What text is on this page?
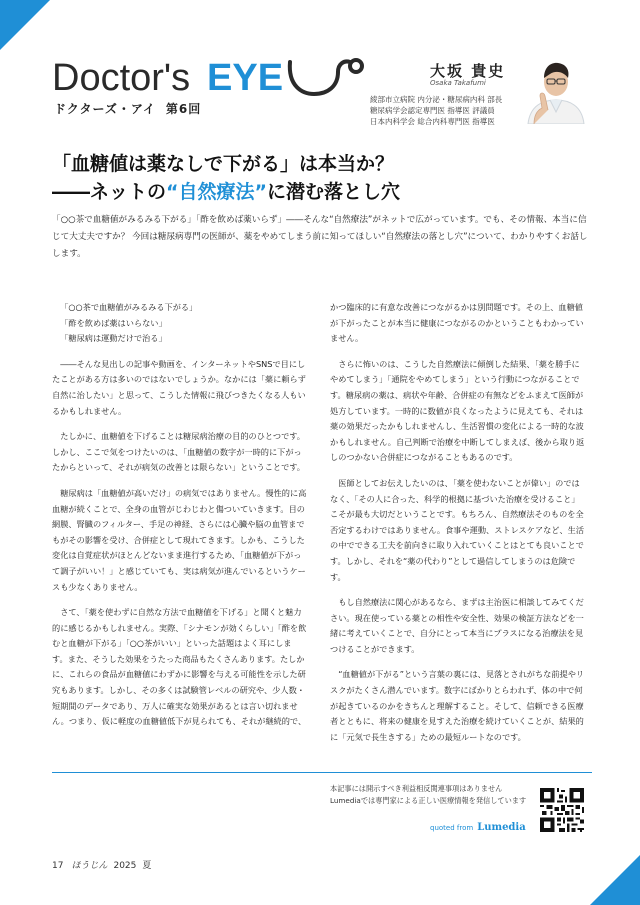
Doctor's EYE
ドクターズ・アイ 第6回
大坂 貴史
Osaka Takafumi
綾部市立病院 内分泌・糖尿病内科 部長
糖尿病学会認定専門医 指導医 評議員
日本内科学会 総合内科専門医 指導医
「血糖値は薬なしで下がる」は本当か？
――ネットの“自然療法”に潜む落とし穴
「○○茶で血糖値がみるみる下がる」「酢を飲めば薬いらず」――そんな“自然療法”がネットで広がっています。でも、その情報、本当に信じて大丈夫ですか？ 今回は糖尿病専門の医師が、薬をやめてしまう前に知ってほしい“自然療法の落とし穴”について、わかりやすくお話しします。

「○○茶で血糖値がみるみる下がる」
「酢を飲めば薬はいらない」
「糖尿病は運動だけで治る」

――そんな見出しの記事や動画を、インターネットやSNSで目にしたことがある方は多いのではないでしょうか。なかには「薬に頼らず自然に治したい」と思って、こうした情報に飛びつきたくなる人もいるかもしれません。

たしかに、血糖値を下げることは糖尿病治療の目的のひとつです。しかし、ここで気をつけたいのは、「血糖値の数字が一時的に下がったからといって、それが病気の改善とは限らない」ということです。

糖尿病は「血糖値が高いだけ」の病気ではありません。慢性的に高血糖が続くことで、全身の血管がじわじわと傷ついていきます。目の網膜、腎臓のフィルター、手足の神経、さらには心臓や脳の血管までもがその影響を受け、合併症として現れてきます。しかも、こうした変化は自覚症状がほとんどないまま進行するため、「血糖値が下がって調子がいい！」と感じていても、実は病気が進んでいるというケースも少なくありません。

さて、「薬を使わずに自然な方法で血糖値を下げる」と聞くと魅力的に感じるかもしれません。実際、「シナモンが効くらしい」「酢を飲むと血糖が下がる」「○○茶がいい」といった話題はよく耳にします。また、そうした効果をうたった商品もたくさんあります。たしかに、これらの食品が血糖値にわずかに影響を与える可能性を示した研究もあります。しかし、その多くは試験管レベルの研究や、少人数・短期間のデータであり、万人に確実な効果があるとは言い切れません。つまり、仮に軽度の血糖値低下が見られても、それが継続的で、

かつ臨床的に有意な改善につながるかは別問題です。その上、血糖値が下がったことが本当に健康につながるのかということもわかっていません。

さらに怖いのは、こうした自然療法に傾倒した結果、「薬を勝手にやめてしまう」「通院をやめてしまう」という行動につながることです。糖尿病の薬は、病状や年齢、合併症の有無などをふまえて医師が処方しています。一時的に数値が良くなったように見えても、それは薬の効果だったかもしれませんし、生活習慣の変化による一時的な波かもしれません。自己判断で治療を中断してしまえば、後から取り返しのつかない合併症につながることもあるのです。

医師としてお伝えしたいのは、「薬を使わないことが偉い」のではなく、「その人に合った、科学的根拠に基づいた治療を受けること」こそが最も大切だということです。もちろん、自然療法そのものを全否定するわけではありません。食事や運動、ストレスケアなど、生活の中でできる工夫を前向きに取り入れていくことはとても良いことです。しかし、それを“薬の代わり”として過信してしまうのは危険です。

もし自然療法に関心があるなら、まずは主治医に相談してみてください。現在使っている薬との相性や安全性、効果の検証方法などを一緒に考えていくことで、自分にとって本当にプラスになる治療法を見つけることができます。

“血糖値が下がる”という言葉の裏には、見落とされがちな前提やリスクがたくさん潜んでいます。数字にばかりとらわれず、体の中で何が起きているのかをきちんと理解すること。そして、信頼できる医療者とともに、将来の健康を見すえた治療を続けていくことが、結果的に「元気で長生きする」ための最短ルートなのです。

本記事には開示すべき利益相反関連事項はありません
Lumediaでは専門家による正しい医療情報を発信しています
quoted from Lumedia
17 ほうじん 2025 夏
